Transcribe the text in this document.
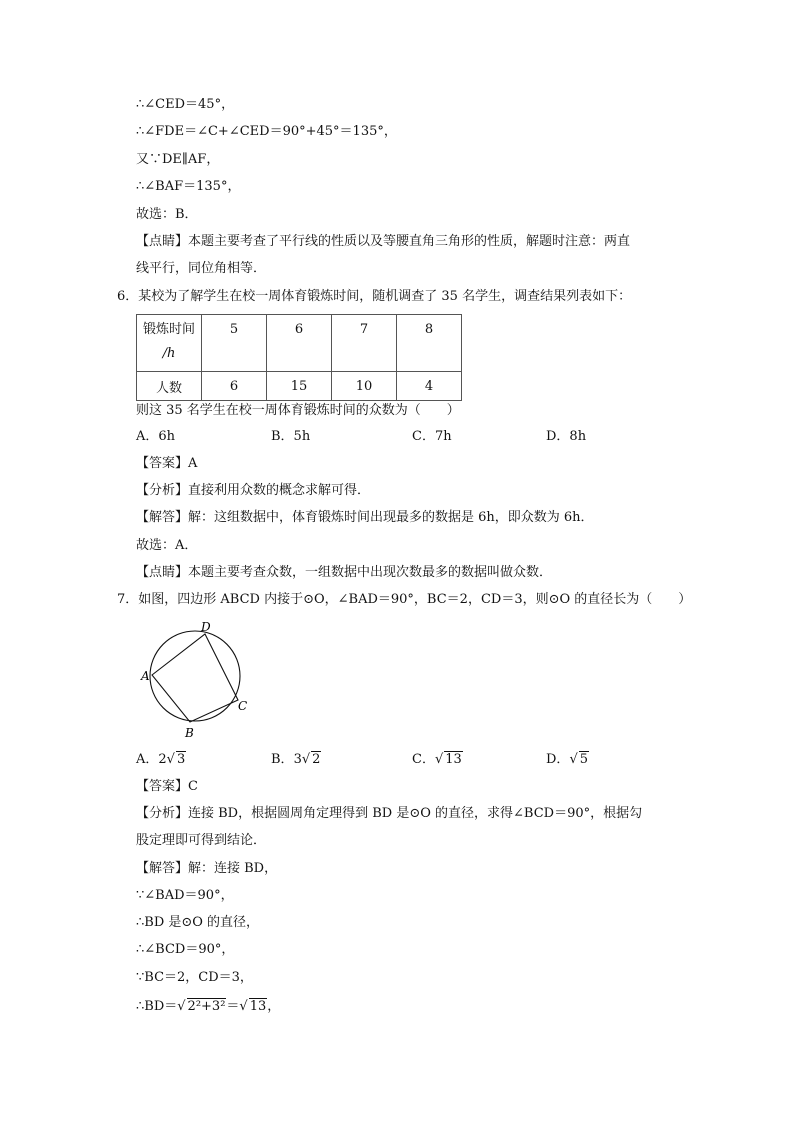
∴∠CED＝45°，
∴∠FDE＝∠C+∠CED＝90°+45°＝135°，
又∵DE∥AF，
∴∠BAF＝135°，
故选：B．
【点睛】本题主要考查了平行线的性质以及等腰直角三角形的性质，解题时注意：两直
线平行，同位角相等．
6．某校为了解学生在校一周体育锻炼时间，随机调查了 35 名学生，调查结果列表如下：
锻炼时间
/h	5	6	7	8

人数	6	15	10	4
则这 35 名学生在校一周体育锻炼时间的众数为（　　）
A．6h	B．5h	C．7h	D．8h
【答案】A
【分析】直接利用众数的概念求解可得．
【解答】解：这组数据中，体育锻炼时间出现最多的数据是 6h，即众数为 6h．
故选：A．
【点睛】本题主要考查众数，一组数据中出现次数最多的数据叫做众数．
7．如图，四边形 ABCD 内接于⊙O，∠BAD＝90°，BC＝2，CD＝3，则⊙O 的直径长为（　　）
D
A
C
B
A．2√ 3	B．3√ 2	C．√ 13	D．√ 5
【答案】C
【分析】连接 BD，根据圆周角定理得到 BD 是⊙O 的直径，求得∠BCD＝90°，根据勾
股定理即可得到结论．
【解答】解：连接 BD，
∵∠BAD＝90°，
∴BD 是⊙O 的直径，
∴∠BCD＝90°，
∵BC＝2，CD＝3，
∴BD＝√ 2²+3²＝√ 13，
